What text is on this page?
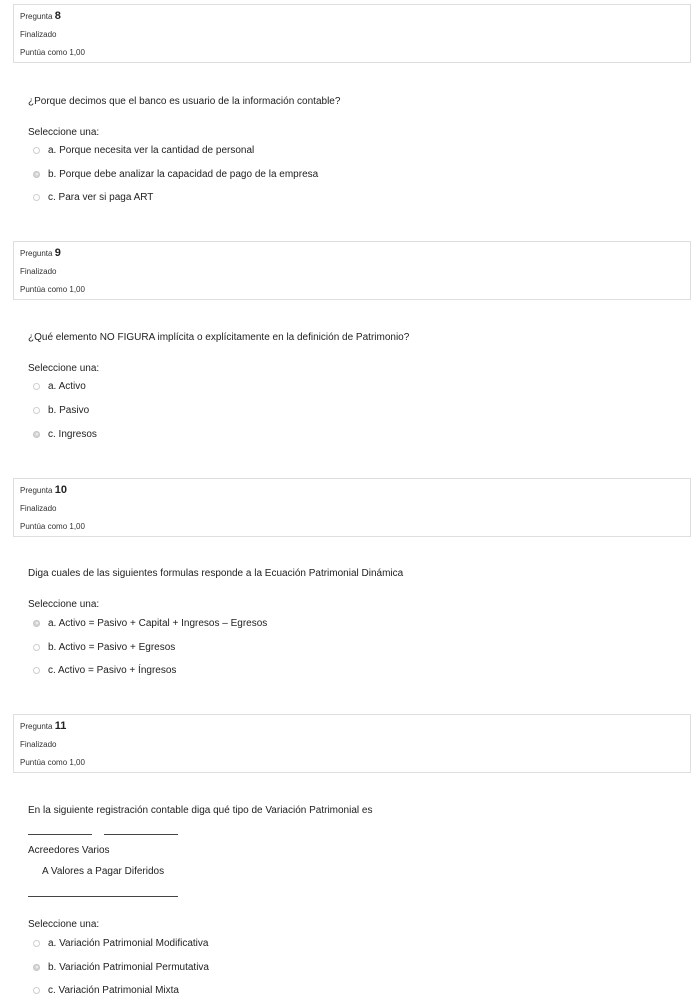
Pregunta 8
Finalizado
Puntúa como 1,00
¿Porque decimos que el banco es usuario de la información contable?
Seleccione una:
a. Porque necesita ver la cantidad de personal
b. Porque debe analizar la capacidad de pago de la empresa
c. Para ver si paga ART
Pregunta 9
Finalizado
Puntúa como 1,00
¿Qué elemento NO FIGURA implícita o explícitamente en la definición de Patrimonio?
Seleccione una:
a. Activo
b. Pasivo
c. Ingresos
Pregunta 10
Finalizado
Puntúa como 1,00
Diga cuales de las siguientes formulas responde a la Ecuación Patrimonial Dinámica
Seleccione una:
a. Activo = Pasivo + Capital + Ingresos – Egresos
b. Activo = Pasivo + Egresos
c. Activo = Pasivo + Íngresos
Pregunta 11
Finalizado
Puntúa como 1,00
En la siguiente registración contable diga qué tipo de Variación Patrimonial es
Acreedores Varios
A Valores a Pagar Diferidos
Seleccione una:
a. Variación Patrimonial Modificativa
b. Variación Patrimonial Permutativa
c. Variación Patrimonial Mixta
